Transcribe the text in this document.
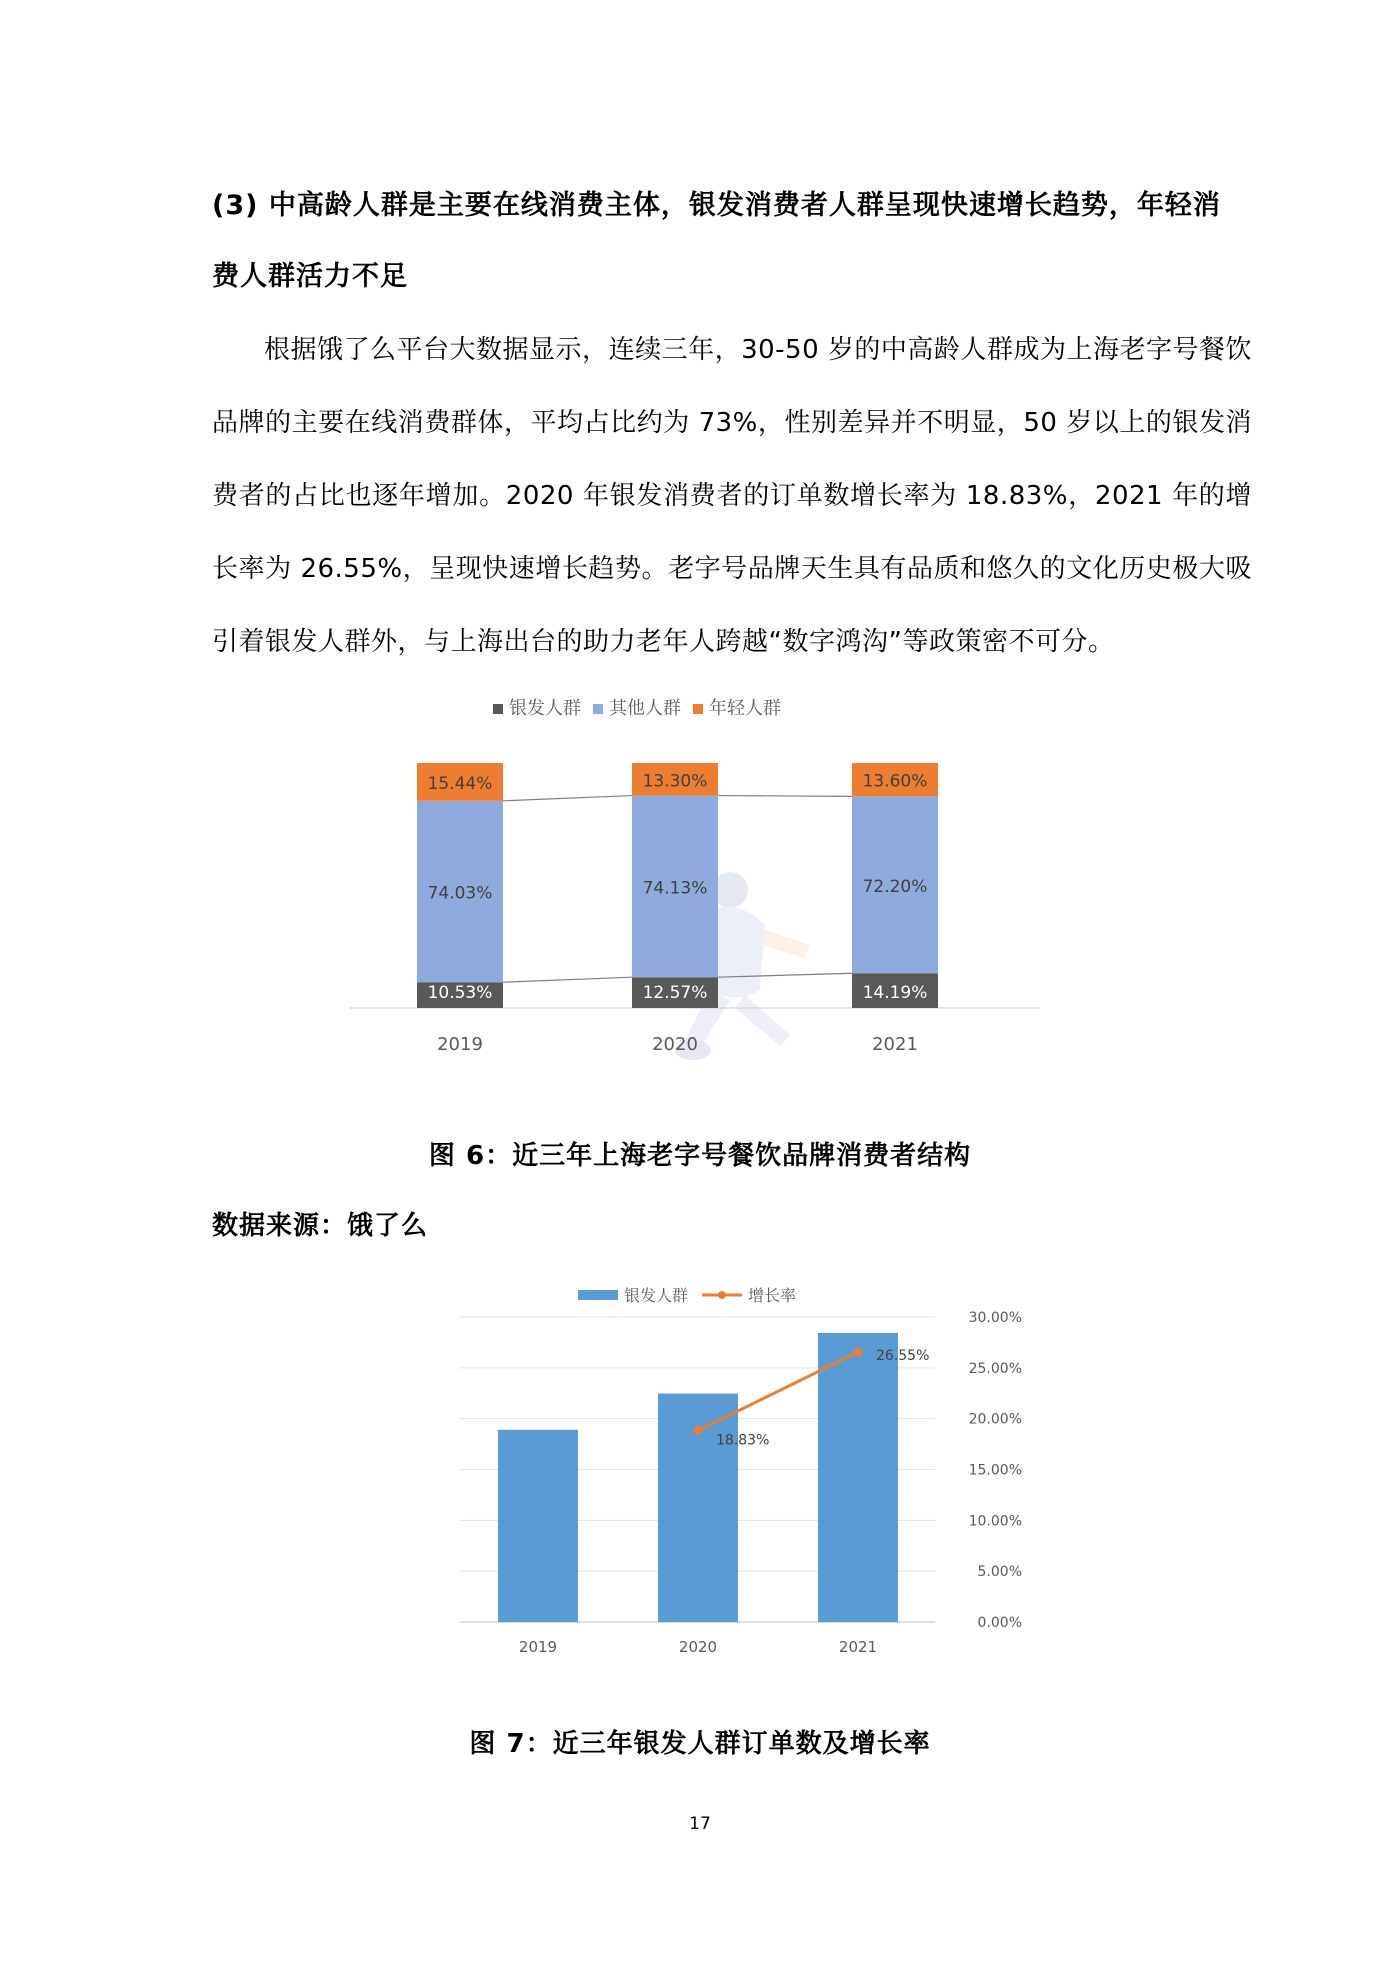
(3) 中高龄人群是主要在线消费主体，银发消费者人群呈现快速增长趋势，年轻消
费人群活力不足
根据饿了么平台大数据显示，连续三年，30-50 岁的中高龄人群成为上海老字号餐饮品牌的主要在线消费群体，平均占比约为 73%，性别差异并不明显，50 岁以上的银发消费者的占比也逐年增加。2020 年银发消费者的订单数增长率为 18.83%，2021 年的增长率为 26.55%，呈现快速增长趋势。老字号品牌天生具有品质和悠久的文化历史极大吸引着银发人群外，与上海出台的助力老年人跨越“数字鸿沟”等政策密不可分。
银发人群 其他人群 年轻人群
10.53%
74.03%
15.44%
2019
12.57%
74.13%
13.30%
2020
14.19%
72.20%
13.60%
2021
图 6：近三年上海老字号餐饮品牌消费者结构
数据来源：饿了么
银发人群	增长率
0.00%
5.00%
10.00%
15.00%
20.00%
25.00%
30.00%
2019	2020	2021
18.83%
26.55%
图 7：近三年银发人群订单数及增长率
17
